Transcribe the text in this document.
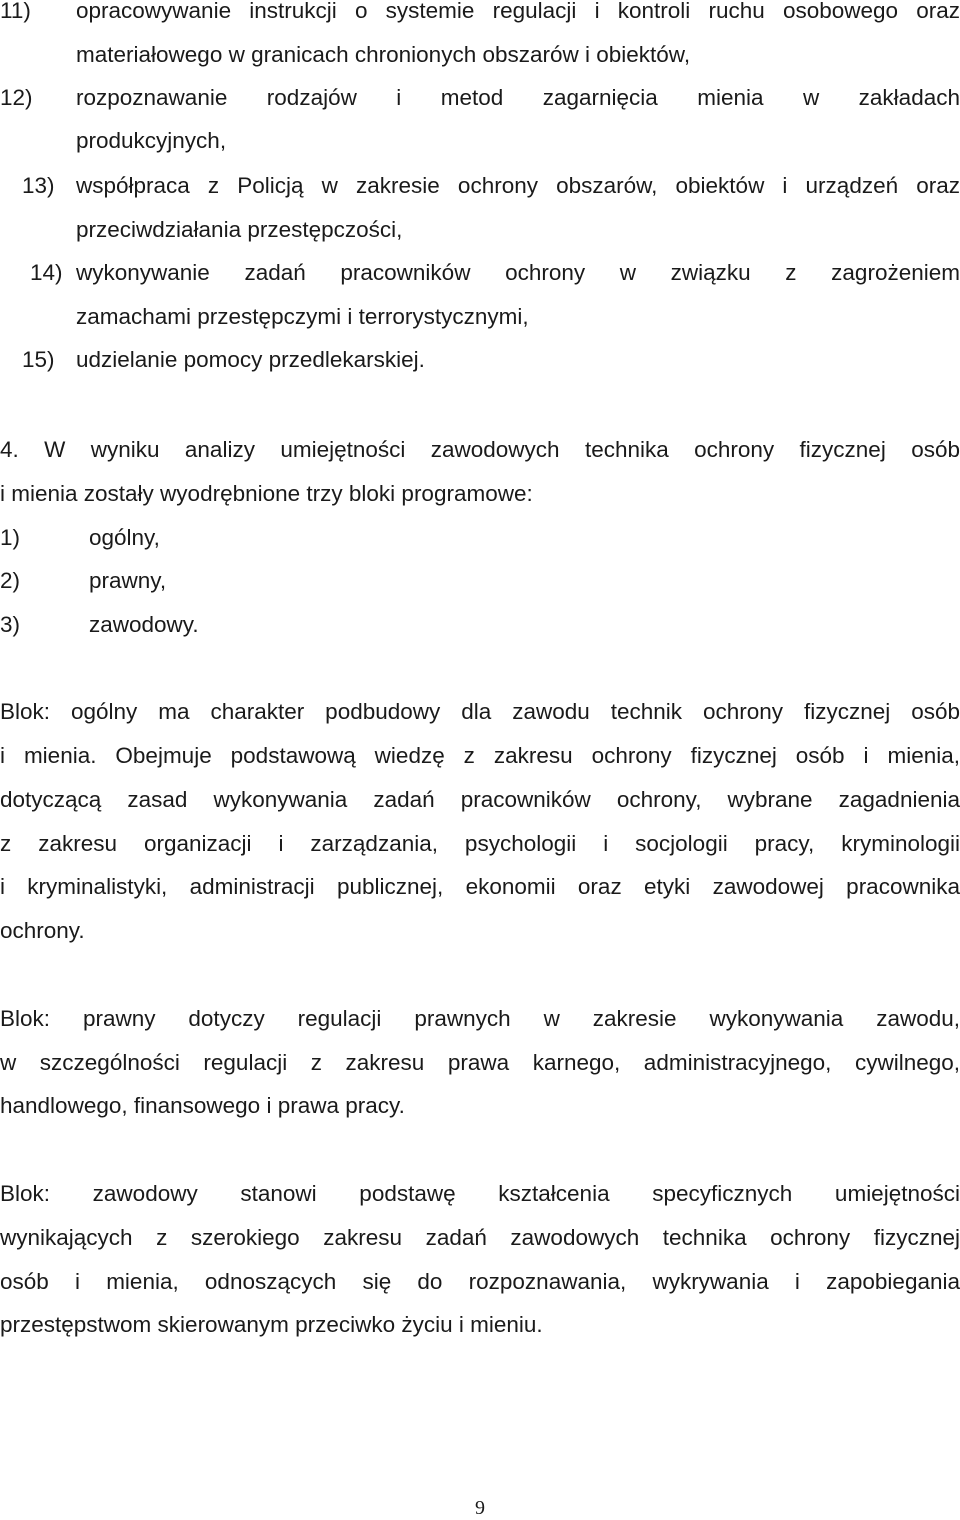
11)	opracowywanie instrukcji o systemie regulacji i kontroli ruchu osobowego oraz
materiałowego w granicach chronionych obszarów i obiektów,
12)	rozpoznawanie rodzajów i metod zagarnięcia mienia w zakładach
produkcyjnych,
13) współpraca z Policją w zakresie ochrony obszarów, obiektów i urządzeń oraz
przeciwdziałania przestępczości,
14) wykonywanie zadań pracowników ochrony w związku z zagrożeniem
zamachami przestępczymi i terrorystycznymi,
15) udzielanie pomocy przedlekarskiej.
4. W wyniku analizy umiejętności zawodowych technika ochrony fizycznej osób
i mienia zostały wyodrębnione trzy bloki programowe:
1)	ogólny,
2)	prawny,
3)	zawodowy.
Blok: ogólny ma charakter podbudowy dla zawodu technik ochrony fizycznej osób
i mienia. Obejmuje podstawową wiedzę z zakresu ochrony fizycznej osób i mienia,
dotyczącą zasad wykonywania zadań pracowników ochrony, wybrane zagadnienia
z zakresu organizacji i zarządzania, psychologii i socjologii pracy, kryminologii
i kryminalistyki, administracji publicznej, ekonomii oraz etyki zawodowej pracownika
ochrony.
Blok: prawny dotyczy regulacji prawnych w zakresie wykonywania zawodu,
w szczególności regulacji z zakresu prawa karnego, administracyjnego, cywilnego,
handlowego, finansowego i prawa pracy.
Blok: zawodowy stanowi podstawę kształcenia specyficznych umiejętności
wynikających z szerokiego zakresu zadań zawodowych technika ochrony fizycznej
osób i mienia, odnoszących się do rozpoznawania, wykrywania i zapobiegania
przestępstwom skierowanym przeciwko życiu i mieniu.
9
